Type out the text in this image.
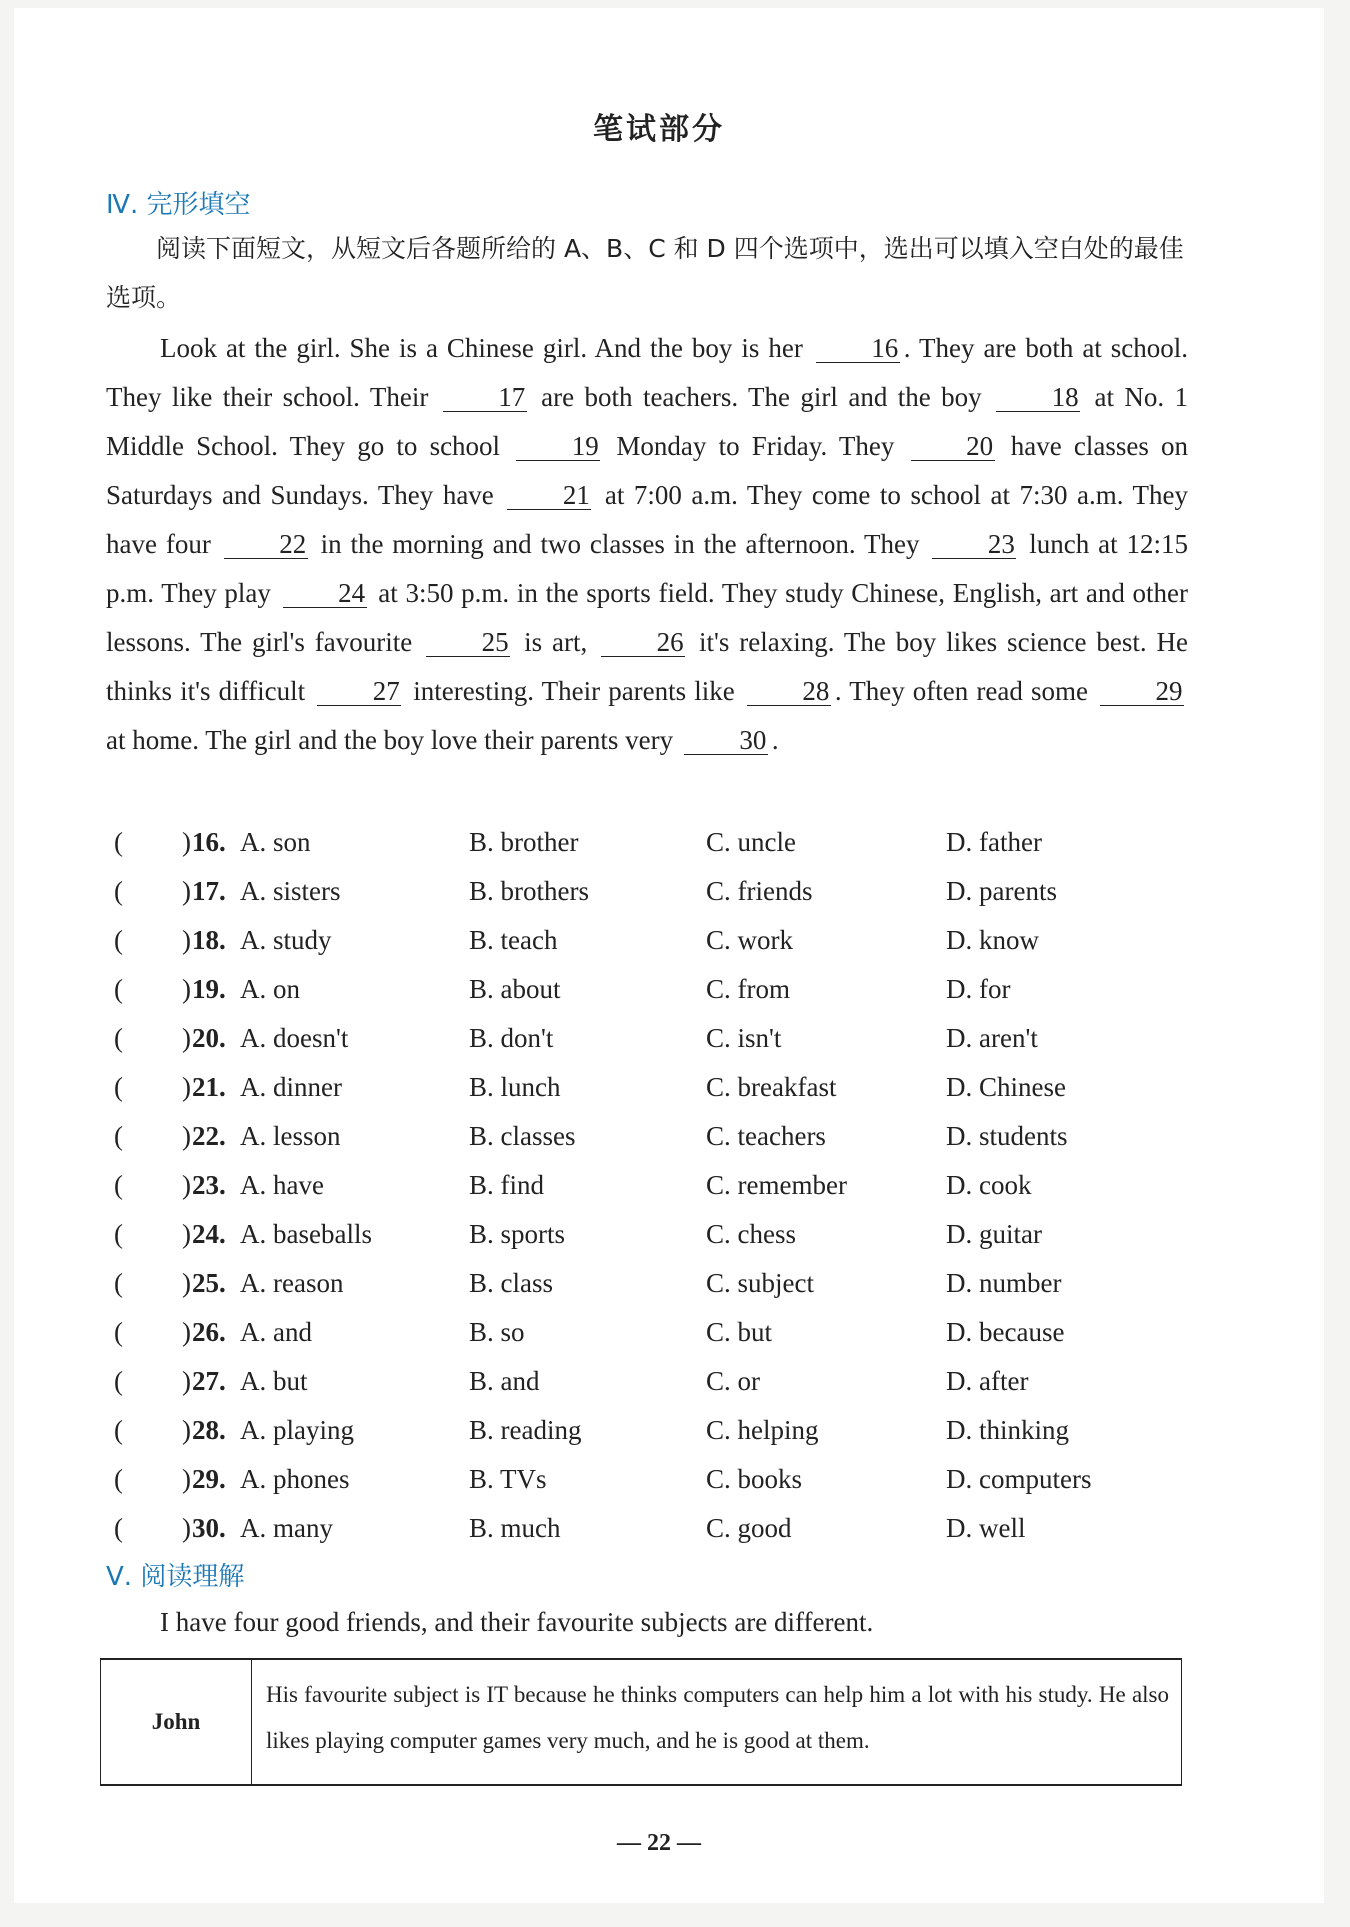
笔试部分
Ⅳ. 完形填空
阅读下面短文，从短文后各题所给的 A、B、C 和 D 四个选项中，选出可以填入空白处的最佳选项。
Look at the girl. She is a Chinese girl. And the boy is her	16 . They are both at school. They like their school. Their	17 are both teachers. The girl and the boy	18 at No. 1 Middle School. They go to school	19 Monday to Friday. They	20 have classes on Saturdays and Sundays. They have	21 at 7:00 a.m. They come to school at 7:30 a.m. They have four	22 in the morning and two classes in the afternoon. They	23 lunch at 12:15 p.m. They play 24 at 3:50 p.m. in the sports field. They study Chinese, English, art and other lessons. The girl's favourite	25 is art,	26 it's relaxing. The boy likes science best. He thinks it's difficult	27 interesting. Their parents like	28 . They often read some	29 at home. The girl and the boy love their parents very 30 .
( ) 16. A. son	B. brother	C. uncle	D. father
( ) 17. A. sisters	B. brothers	C. friends	D. parents
( ) 18. A. study	B. teach	C. work	D. know
( ) 19. A. on	B. about	C. from	D. for
( ) 20. A. doesn't	B. don't	C. isn't	D. aren't
( ) 21. A. dinner	B. lunch	C. breakfast	D. Chinese
( ) 22. A. lesson	B. classes	C. teachers	D. students
( ) 23. A. have	B. find	C. remember	D. cook
( ) 24. A. baseballs	B. sports	C. chess	D. guitar
( ) 25. A. reason	B. class	C. subject	D. number
( ) 26. A. and	B. so	C. but	D. because
( ) 27. A. but	B. and	C. or	D. after
( ) 28. A. playing	B. reading	C. helping	D. thinking
( ) 29. A. phones	B. TVs	C. books	D. computers
( ) 30. A. many	B. much	C. good	D. well
Ⅴ. 阅读理解
I have four good friends, and their favourite subjects are different.
John
His favourite subject is IT because he thinks computers can help him a lot with his study. He also likes playing computer games very much, and he is good at them.
— 22 —
